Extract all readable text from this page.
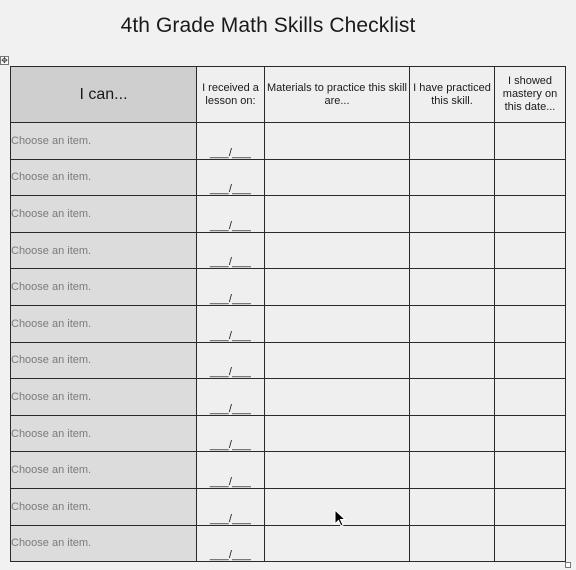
4th Grade Math Skills Checklist
✥
I can...	I received a lesson on:	Materials to practice this skill are...	I have practiced this skill.	I showed mastery on this date...
Choose an item.	___/___			
Choose an item.	___/___			
Choose an item.	___/___			
Choose an item.	___/___			
Choose an item.	___/___			
Choose an item.	___/___			
Choose an item.	___/___			
Choose an item.	___/___			
Choose an item.	___/___			
Choose an item.	___/___			
Choose an item.	___/___			
Choose an item.	___/___			
